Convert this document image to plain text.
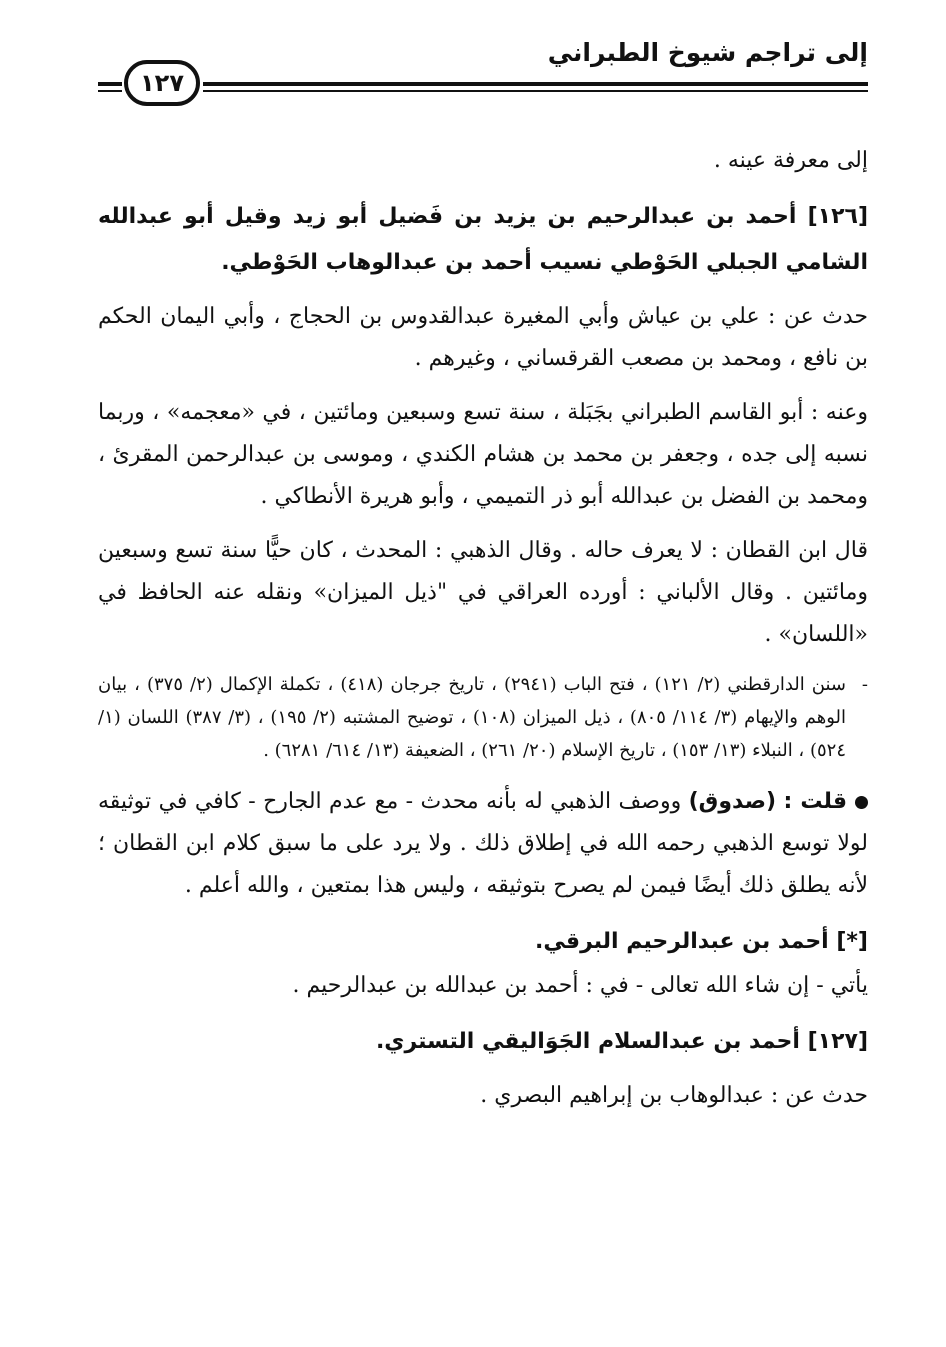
إلى تراجم شيوخ الطبراني
١٢٧

إلى معرفة عينه .

[١٢٦] أحمد بن عبدالرحيم بن يزيد بن فَضيل أبو زيد وقيل أبو عبدالله الشامي الجبلي الحَوْطي نسيب أحمد بن عبدالوهاب الحَوْطي.

حدث عن : علي بن عياش وأبي المغيرة عبدالقدوس بن الحجاج ، وأبي اليمان الحكم بن نافع ، ومحمد بن مصعب القرقساني ، وغيرهم .

وعنه : أبو القاسم الطبراني بجَبَلة ، سنة تسع وسبعين ومائتين ، في «معجمه» ، وربما نسبه إلى جده ، وجعفر بن محمد بن هشام الكندي ، وموسى بن عبدالرحمن المقرئ ، ومحمد بن الفضل بن عبدالله أبو ذر التميمي ، وأبو هريرة الأنطاكي .

قال ابن القطان : لا يعرف حاله . وقال الذهبي : المحدث ، كان حيًّا سنة تسع وسبعين ومائتين . وقال الألباني : أورده العراقي في "ذيل الميزان» ونقله عنه الحافظ في «اللسان» .

-
سنن الدارقطني (٢/ ١٢١) ، فتح الباب (٢٩٤١) ، تاريخ جرجان (٤١٨) ، تكملة الإكمال (٢/ ٣٧٥) ، بيان الوهم والإيهام (٣/ ١١٤/ ٨٠٥) ، ذيل الميزان (١٠٨) ، توضيح المشتبه (٢/ ١٩٥) ، (٣/ ٣٨٧) اللسان (١/ ٥٢٤) ، النبلاء (١٣/ ١٥٣) ، تاريخ الإسلام (٢٠/ ٢٦١) ، الضعيفة (١٣/ ٦١٤/ ٦٢٨١) .

قلت : (صدوق) ووصف الذهبي له بأنه محدث - مع عدم الجارح - كافي في توثيقه لولا توسع الذهبي رحمه الله في إطلاق ذلك . ولا يرد على ما سبق كلام ابن القطان ؛ لأنه يطلق ذلك أيضًا فيمن لم يصرح بتوثيقه ، وليس هذا بمتعين ، والله أعلم .

[*] أحمد بن عبدالرحيم البرقي.

يأتي - إن شاء الله تعالى - في : أحمد بن عبدالله بن عبدالرحيم .

[١٢٧] أحمد بن عبدالسلام الجَوَاليقي التستري.

حدث عن : عبدالوهاب بن إبراهيم البصري .
